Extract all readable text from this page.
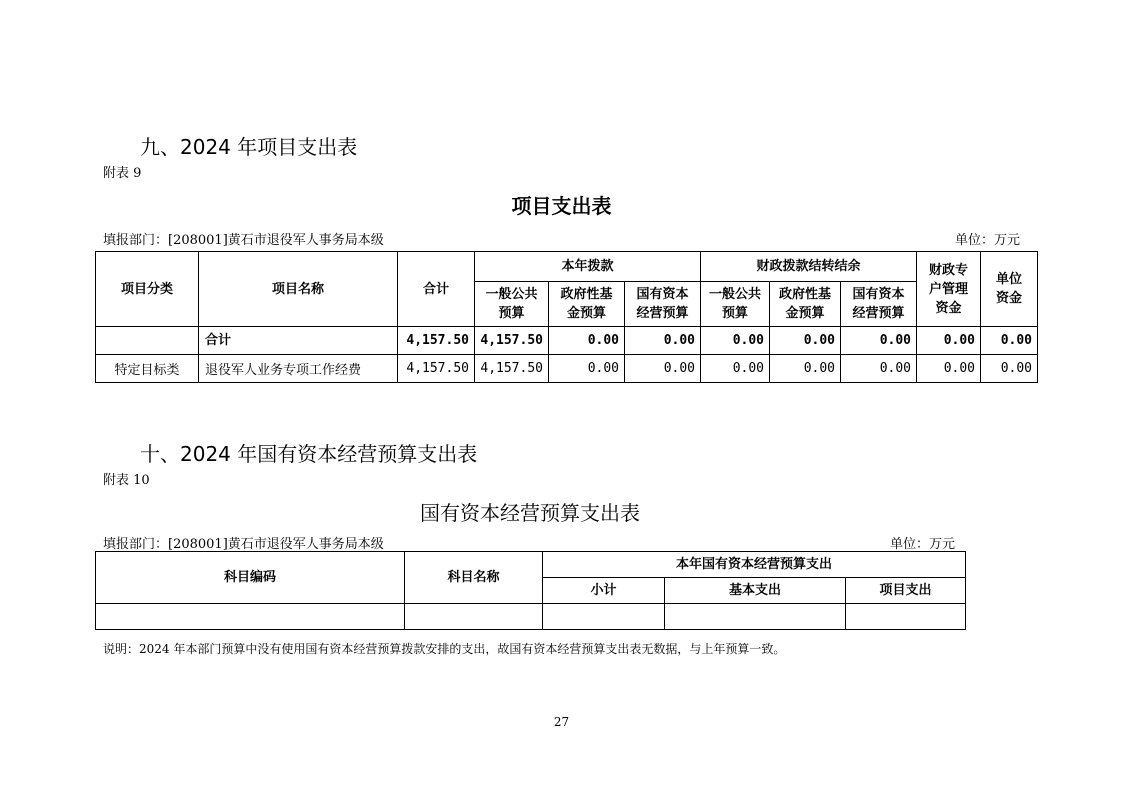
九、2024 年项目支出表
附表 9
项目支出表
填报部门：[208001]黄石市退役军人事务局本级	单位：万元
项目分类	项目名称	合计	本年拨款			财政拨款结转结余			财政专户管理资金	单位资金
			一般公共预算	政府性基金预算	国有资本经营预算	一般公共预算	政府性基金预算	国有资本经营预算		
	合计	4,157.50	4,157.50	0.00	0.00	0.00	0.00	0.00	0.00	0.00
特定目标类	退役军人业务专项工作经费	4,157.50	4,157.50	0.00	0.00	0.00	0.00	0.00	0.00	0.00
十、2024 年国有资本经营预算支出表
附表 10
国有资本经营预算支出表
填报部门：[208001]黄石市退役军人事务局本级	单位：万元
科目编码	科目名称	本年国有资本经营预算支出		
		小计	基本支出	项目支出

说明：2024 年本部门预算中没有使用国有资本经营预算拨款安排的支出，故国有资本经营预算支出表无数据，与上年预算一致。
27
